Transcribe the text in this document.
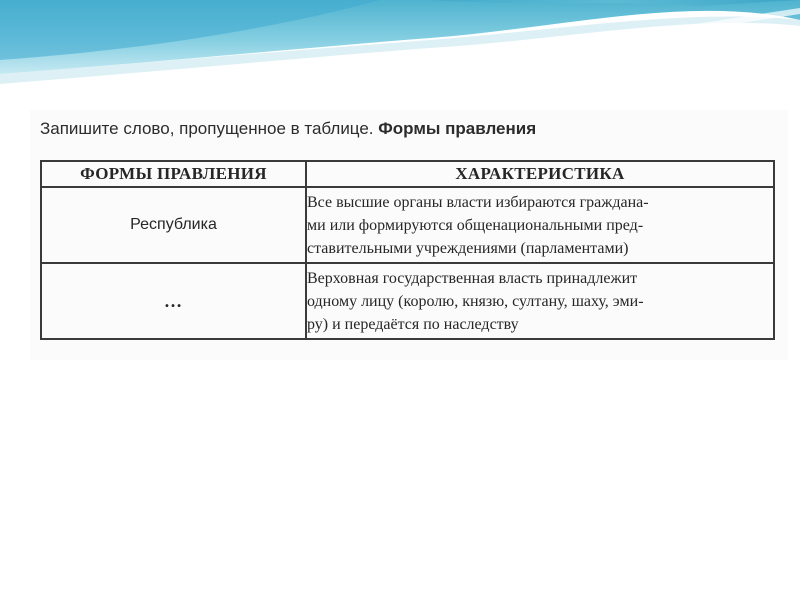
Запишите слово, пропущенное в таблице. Формы правления

ФОРМЫ ПРАВЛЕНИЯ	ХАРАКТЕРИСТИКА
Республика	Все высшие органы власти избираются граждана-
ми или формируются общенациональными пред-
ставительными учреждениями (парламентами)

…	Верховная государственная власть принадлежит
одному лицу (королю, князю, султану, шаху, эми-
ру) и передаётся по наследству
